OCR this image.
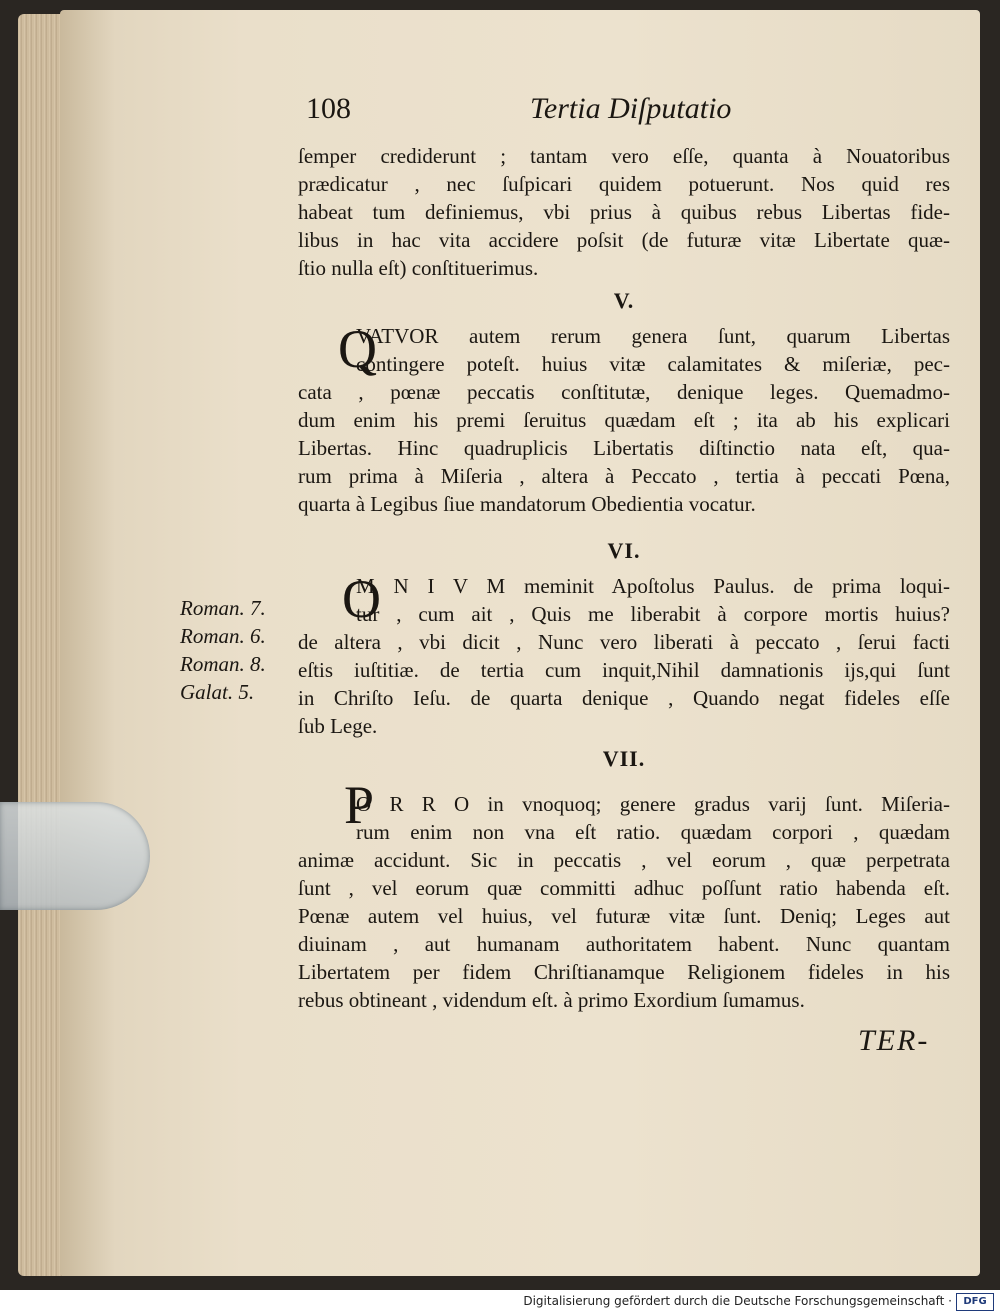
108	Tertia Diſputatio
ſemper crediderunt ; tantam vero eſſe, quanta à Nouatoribus
prædicatur , nec ſuſpicari quidem potuerunt. Nos quid res
habeat tum definiemus, vbi prius à quibus rebus Libertas fide-
libus in hac vita accidere poſsit (de futuræ vitæ Libertate quæ-
ſtio nulla eſt) conſtituerimus.
V.
Q
VATVOR autem rerum genera ſunt, quarum Libertas
contingere poteſt. huius vitæ calamitates & miſeriæ, pec-
cata , pœnæ peccatis conſtitutæ, denique leges. Quemadmo-
dum enim his premi ſeruitus quædam eſt ; ita ab his explicari
Libertas. Hinc quadruplicis Libertatis diſtinctio nata eſt, qua-
rum prima à Miſeria , altera à Peccato , tertia à peccati Pœna,
quarta à Legibus ſiue mandatorum Obedientia vocatur.
VI.
O
M N I V M meminit Apoſtolus Paulus. de prima loqui-
tur , cum ait , Quis me liberabit à corpore mortis huius?
de altera , vbi dicit , Nunc vero liberati à peccato , ſerui facti
eſtis iuſtitiæ. de tertia cum inquit,Nihil damnationis ijs,qui ſunt
in Chriſto Ieſu. de quarta denique , Quando negat fideles eſſe
ſub Lege.
Roman. 7.
Roman. 6.
Roman. 8.
Galat. 5.
VII.
P
O R R O in vnoquoq; genere gradus varij ſunt. Miſeria-
rum enim non vna eſt ratio. quædam corpori , quædam
animæ accidunt. Sic in peccatis , vel eorum , quæ perpetrata
ſunt , vel eorum quæ committi adhuc poſſunt ratio habenda eſt.
Pœnæ autem vel huius, vel futuræ vitæ ſunt. Deniq; Leges aut
diuinam , aut humanam authoritatem habent. Nunc quantam
Libertatem per fidem Chriſtianamque Religionem fideles in his
rebus obtineant , videndum eſt. à primo Exordium ſumamus.
TER-
Digitalisierung gefördert durch die Deutsche Forschungsgemeinschaft ·	DFG
